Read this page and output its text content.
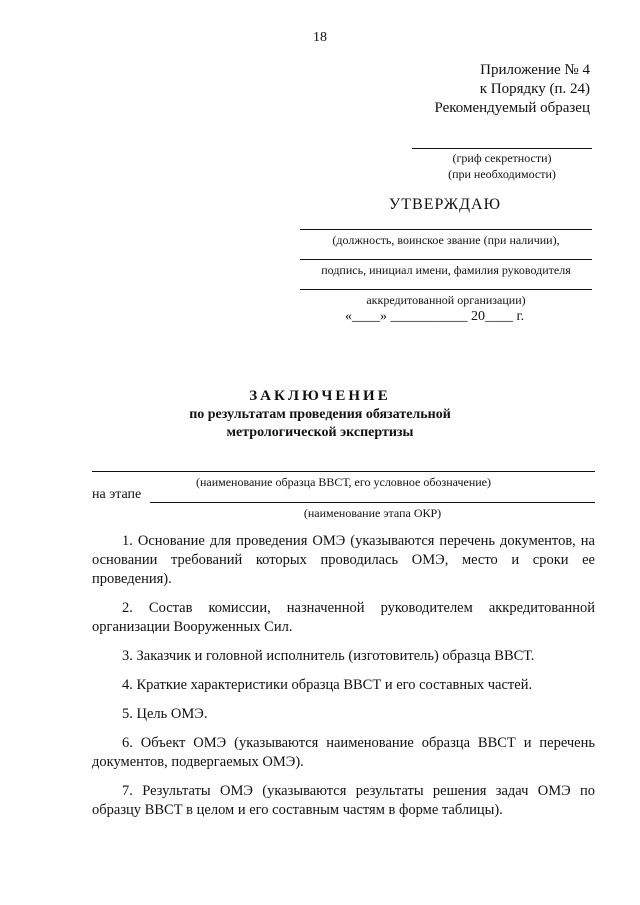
18
Приложение № 4
к Порядку (п. 24)
Рекомендуемый образец
(гриф секретности)
(при необходимости)
УТВЕРЖДАЮ
(должность, воинское звание (при наличии),
подпись, инициал имени, фамилия руководителя
аккредитованной организации)
«____» ___________ 20____ г.
ЗАКЛЮЧЕНИЕ
по результатам проведения обязательной
метрологической экспертизы
(наименование образца ВВСТ, его условное обозначение)
на этапе
(наименование этапа ОКР)

1. Основание для проведения ОМЭ (указываются перечень документов, на основании требований которых проводилась ОМЭ, место и сроки ее проведения).

2. Состав комиссии, назначенной руководителем аккредитованной организации Вооруженных Сил.

3. Заказчик и головной исполнитель (изготовитель) образца ВВСТ.

4. Краткие характеристики образца ВВСТ и его составных частей.

5. Цель ОМЭ.

6. Объект ОМЭ (указываются наименование образца ВВСТ и перечень документов, подвергаемых ОМЭ).

7. Результаты ОМЭ (указываются результаты решения задач ОМЭ по образцу ВВСТ в целом и его составным частям в форме таблицы).
